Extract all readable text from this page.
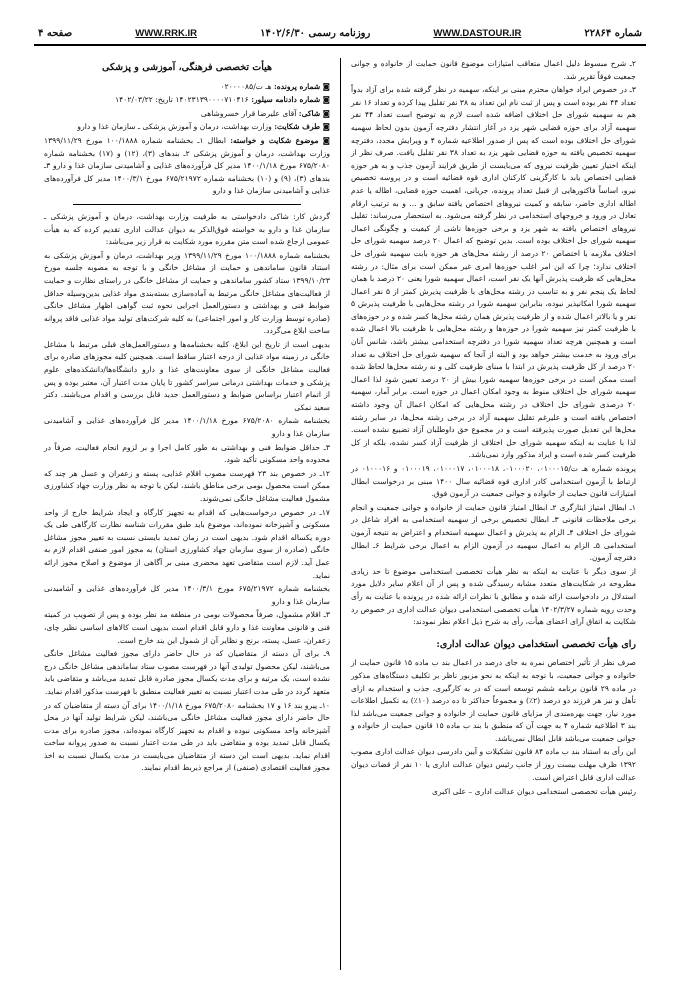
شماره ۲۲۸۶۴
WWW.DASTOUR.IR
روزنامه رسمی ۱۴۰۲/۶/۳۰
WWW.RRK.IR
صفحه ۴

۲ـ شرح مبسوط دلیل اعمال متعاقب امتیازات موضوع قانون حمایت از خانواده و جوانی جمعیت فوقاً تقریر شد.

۳ـ در خصوص ایراد خواهان محترم مبنی بر اینکه، سهمیه در نظر گرفته شده برای آزاد بدواً تعداد ۴۴ نفر بوده است و پس از ثبت نام این تعداد به ۳۸ نفر تقلیل پیدا کرده و تعداد ۱۶ نفر هم به سهمیه شورای حل اختلاف اضافه شده است لازم به توضیح است تعداد ۴۴ نفر سهمیه آزاد برای حوزه قضایی شهر یزد در آغاز انتشار دفترچه آزمون بدون لحاظ سهمیه شورای حل اختلاف بوده است که پس از صدور اطلاعیه شماره ۴ و ویرایش مجدد، دفترچه سهمیه تخصیص یافته به حوزه قضایی شهر یزد به تعداد ۳۸ نفر تقلیل یافت. صرف نظر از اینکه اختیار تعیین ظرفیت نیروی که می‌بایست از طریق فرایند آزمون جذب و به هر حوزه قضایی اختصاص یابد با کارگزینی کارکنان اداری قوه قضائیه است و در پروسه تخصیص نیرو، اساساً فاکتورهایی از قبیل تعداد پرونده، جریانی، اهمیت حوزه قضایی، اطاله یا عدم اطاله اداری حاضر، سابقه و کمیت نیروهای اختصاص یافته سابق و ... و به ترتیب ارقام تعادل در ورود و خروجهای استخدامی در نظر گرفته می‌شود. به استحضار می‌رساند: تقلیل نیروهای اختصاص یافته به شهر یزد و برخی حوزه‌ها ناشی از کیفیت و چگونگی اعمال سهمیه شورای حل اختلاف بوده است. بدین توضیح که اعمال ۲۰ درصد سهمیه شورای حل اختلاف ملازمه با اختصاص ۲۰ درصد از رشته محل‌های هر حوزه بابت سهمیه شورای حل اختلاف ندارد؛ چرا که این امر اغلب حوزه‌ها امری غیر ممکن است برای مثال: در رشته محل‌هایی که ظرفیت پذیرش آنها یک نفر است، اعمال سهمیه شورا یعنی ۲۰ درصد با همان لحاظ یک پنجم نفر و به تناسب در رشته محل‌های با ظرفیت پذیرش کمتر از ۵ نفر اعمال سهمیه شورا امکانپذیر نبوده، بنابراین سهمیه شورا در رشته محل‌هایی با ظرفیت پذیرش ۵ نفر و یا بالاتر اعمال شده و از ظرفیت پذیرش همان رشته محل‌ها کسر شده و در حوزه‌های با ظرفیت کمتر نیز سهمیه شورا در حوزه‌ها و رشته محل‌هایی با ظرفیت بالا اعمال شده است و همچنین هرچه تعداد سهمیه شورا در دفترچه استخدامی بیشتر باشد، شانس آنان برای ورود به خدمت بیشتر خواهد بود و البته از آنجا که سهمیه شورای حل اختلاف به تعداد ۲۰ درصد از کل ظرفیت پذیرش در ابتدا با مبنای ظرفیت کلی و نه رشته محل‌ها لحاظ شده است ممکن است در برخی حوزه‌ها سهمیه شورا بیش از ۲۰ درصد تعیین شود لذا اعمال سهمیه شورای حل اختلاف منوط به وجود امکان اعمال در حوزه است. برابر آمار، سهمیه ۲۰ درصدی شورای حل اختلاف در رشته محل‌هایی که امکان اعمال آن وجود داشته اختصاص یافته است و علیرغم تقلیل سهمیه آزاد در برخی رشته محل‌ها، در سایر رشته محل‌ها این تعدیل صورت پذیرفته است و در مجموع حق داوطلبان آزاد تضییع نشده است. لذا با عنایت به اینکه سهمیه شورای حل اختلاف از ظرفیت آزاد کسر نشده، بلکه از کل ظرفیت کسر شده است و ایراد مذکور وارد نمی‌باشد.

پرونده شماره هـ ت/۰۱۰۰۰۱۵، ۰۱۰۰۰۲۰، ۰۱۰۰۰۱۸، ۰۱۰۰۰۱۷، ۰۱۰۰۰۱۹ و ۰۱۰۰۰۱۶ در ارتباط با آزمون استخدامی کادر اداری قوه قضائیه سال ۱۴۰۰ مبنی بر درخواست ابطال امتیازات قانون حمایت از خانواده و جوانی جمعیت در آزمون فوق.

۱ـ ابطال امتیاز ایثارگری ۲ـ ابطال امتیاز قانون حمایت از خانواده و جوانی جمعیت و انجام برخی ملاحظات قانونی ۳ـ ابطال تخصیص برخی از سهمیه استخدامی به افراد شاغل در شورای حل اختلاف ۴ـ الزام به پذیرش و اعمال سهمیه استخدام و اعتراض به نتیجه آزمون استخدامی ۵ـ الزام به اعمال سهمیه در آزمون الزام به اعمال برخی شرایط ۶ـ ابطال دفترچه آزمون.

از سوی دیگر با عنایت به اینکه به نظر هیأت تخصصی استخدامی موضوع تا حد زیادی مطروحه در شکایت‌های متعدد مشابه رسیدگی شده و پس از آن اعلام سایر دلایل مورد استدلال در دادخواست ارائه شده و مطابق با نظرات ارائه شده در پرونده با عنایت به رأی وحدت رویه شماره ۱۴۰۲/۳/۲۷ هیأت تخصصی استخدامی دیوان عدالت اداری در خصوص رد شکایت به اتفاق آرای اعضای هیأت، رأی به شرح ذیل اعلام نظر نمودند:

رای هیأت تخصصی استخدامی دیوان عدالت اداری:

صرف نظر از تأثیر اختصاص نمره به جای درصد در اعمال بند ب ماده ۱۵ قانون حمایت از خانواده و جوانی جمعیت، با توجه به اینکه به نحو مزبور ناظر بر تکلیف دستگاه‌های مذکور در ماده ۲۹ قانون برنامه ششم توسعه است که در به کارگیری، جذب و استخدام به ازای تأهل و نیز هر فرزند دو درصد (۲٪) و مجموعاً حداکثر تا ده درصد (۱۰٪) به تکمیل اطلاعات مورد نیاز، جهت بهره‌مندی از مزایای قانون حمایت از خانواده و جوانی جمعیت می‌باشد لذا بند ۳ اطلاعیه شماره ۴ به جهت آن که منطبق با بند ب ماده ۱۵ قانون حمایت از خانواده و جوانی جمعیت می‌باشد قابل ابطال نمی‌باشد.

این رأی به استناد بند ب ماده ۸۴ قانون تشکیلات و آیین دادرسی دیوان عدالت اداری مصوب ۱۳۹۲ ظرف مهلت بیست روز از جانب رئیس دیوان عدالت اداری یا ۱۰ نفر از قضات دیوان عدالت اداری قابل اعتراض است.

رئیس هیأت تخصصی استخدامی دیوان عدالت اداری – علی اکبری

هیأت تخصصی فرهنگی، آموزشی و پزشکی

◙ شماره پرونده: هـ ت/۰۲۰۰۰۰۸۵

◙ شماره دادنامه سیلور: ۱۴۰۲۳۱۳۹۰۰۰۰۷۱۰۴۱۶ تاریخ: ۱۴۰۲/۰۳/۲۲

◙ شاکی: آقای علیرضا قرار خسروشاهی

◙ طرف شکایت: وزارت بهداشت، درمان و آموزش پزشکی ـ سازمان غذا و دارو

◙ موضوع شکایت و خواسته: ابطال ۱ـ بخشنامه شماره ۱۰۰/۱۸۸۸ مورخ ۱۳۹۹/۱۱/۲۹ وزارت بهداشت، درمان و آموزش پزشکی ۲ـ بندهای (۳)، (۱۲) و (۱۷) بخشنامه شماره ۶۷۵/۲۰۸۰ مورخ ۱۴۰۰/۱/۱۸ مدیر کل فرآورده‌های غذایی و آشامیدنی سازمان غذا و دارو ۳ـ بندهای (۳)، (۹) و (۱۰) بخشنامه شماره ۶۷۵/۲۱۹۷۲ مورخ ۱۴۰۰/۳/۱ مدیر کل فرآورده‌های غذایی و آشامیدنی سازمان غذا و دارو

گردش کار: شاکی دادخواستی به طرفیت وزارت بهداشت، درمان و آموزش پزشکی ـ سازمان غذا و دارو به خواسته فوق‌الذکر به دیوان عدالت اداری تقدیم کرده که به هیأت عمومی ارجاع شده است متن مقرره مورد شکایت به قرار زیر می‌باشد:

بخشنامه شماره ۱۰۰/۱۸۸۸ مورخ ۱۳۹۹/۱۱/۲۹ وزیر بهداشت، درمان و آموزش پزشکی به استناد قانون ساماندهی و حمایت از مشاغل خانگی و با توجه به مصوبه جلسه مورخ ۱۳۹۹/۱۰/۲۳ ستاد کشور ساماندهی و حمایت از مشاغل خانگی در راستای نظارت و حمایت از فعالیت‌های مشاغل خانگی مرتبط به آماده‌سازی بسته‌بندی مواد غذایی بدین‌وسیله حداقل ضوابط فنی و بهداشتی و دستورالعمل اجرایی نحوه ثبت گواهی اظهار مشاغل خانگی (صادره توسط وزارت کار و امور اجتماعی) به کلیه شرکت‌های تولید مواد غذایی فاقد پروانه ساخت ابلاغ می‌گردد.

بدیهی است از تاریخ این ابلاغ، کلیه بخشنامه‌ها و دستورالعمل‌های قبلی مرتبط با مشاغل خانگی در زمینه مواد غذایی از درجه اعتبار ساقط است. همچنین کلیه مجوزهای صادره برای فعالیت مشاغل خانگی از سوی معاونت‌های غذا و دارو دانشگاه‌ها/دانشکده‌های علوم پزشکی و خدمات بهداشتی درمانی سراسر کشور تا پایان مدت اعتبار آن، معتبر بوده و پس از اتمام اعتبار براساس ضوابط و دستورالعمل جدید قابل بررسی و اقدام می‌باشند. دکتر سعید نمکی

بخشنامه شماره ۶۷۵/۲۰۸۰ مورخ ۱۴۰۰/۱/۱۸ مدیر کل فرآورده‌های غذایی و آشامیدنی سازمان غذا و دارو

۳ـ حداقل ضوابط فنی و بهداشتی به طور کامل اجرا و بر لزوم انجام فعالیت، صرفاً در محدوده واحد مسکونی تأکید شود.

۱۲ـ در خصوص بند ۲۳ فهرست مصوب اقلام غذایی، پسته و زعفران و عسل هر چند که ممکن است محصول بومی برخی مناطق باشند، لیکن با توجه به نظر وزارت جهاد کشاورزی مشمول فعالیت مشاغل خانگی نمی‌شوند.

۱۷ـ در خصوص درخواست‌هایی که اقدام به تجهیز کارگاه و ایجاد شرایط خارج از واحد مسکونی و آشپزخانه نموده‌اند، موضوع باید طبق مقررات شناسه نظارت کارگاهی طی یک دوره یکساله اقدام شود. بدیهی است در زمان تمدید بایستی نسبت به تغییر مجوز مشاغل خانگی (صادره از سوی سازمان جهاد کشاورزی استان) به مجوز امور صنفی اقدام لازم به عمل آید. لازم است متقاضی تعهد محضری مبنی بر آگاهی از موضوع و اصلاح مجوز ارائه نماید.

بخشنامه شماره ۶۷۵/۲۱۹۷۲ مورخ ۱۴۰۰/۳/۱ مدیر کل فرآورده‌های غذایی و آشامیدنی سازمان غذا و دارو

۳ـ اقلام مشمول، صرفاً محصولات بومی در منطقه مد نظر بوده و پس از تصویب در کمیته فنی و قانونی معاونت غذا و دارو قابل اقدام است بدیهی است کالاهای اساسی نظیر چای، زعفران، عسل، پسته، برنج و نظایر آن از شمول این بند خارج است.

۹ـ برای آن دسته از متقاضیان که در حال حاضر دارای مجوز فعالیت مشاغل خانگی می‌باشند، لیکن محصول تولیدی آنها در فهرست مصوب ستاد ساماندهی مشاغل خانگی درج نشده است، یک مرتبه و برای مدت یکسال مجوز صادره قابل تمدید می‌باشد و متقاضی باید متعهد گردد در طی مدت اعتبار نسبت به تغییر فعالیت منطبق با فهرست مذکور اقدام نماید.

۱۰ـ پیرو بند ۱۶ و ۱۷ بخشنامه ۶۷۵/۲۰۸۰ مورخ ۱۴۰۰/۱/۱۸ برای آن دسته از متقاضیان که در حال حاضر دارای مجوز فعالیت مشاغل خانگی می‌باشند، لیکن شرایط تولید آنها در محل آشپزخانه واحد مسکونی نبوده و اقدام به تجهیز کارگاه نموده‌اند، مجوز صادره برای مدت یکسال قابل تمدید بوده و متقاضی باید در طی مدت اعتبار نسبت به صدور پروانه ساخت اقدام نماید. بدیهی است این دسته از متقاضیان می‌بایست در مدت یکسال نسبت به اخذ مجوز فعالیت اقتصادی (صنفی) از مراجع ذیربط اقدام نمایند.
